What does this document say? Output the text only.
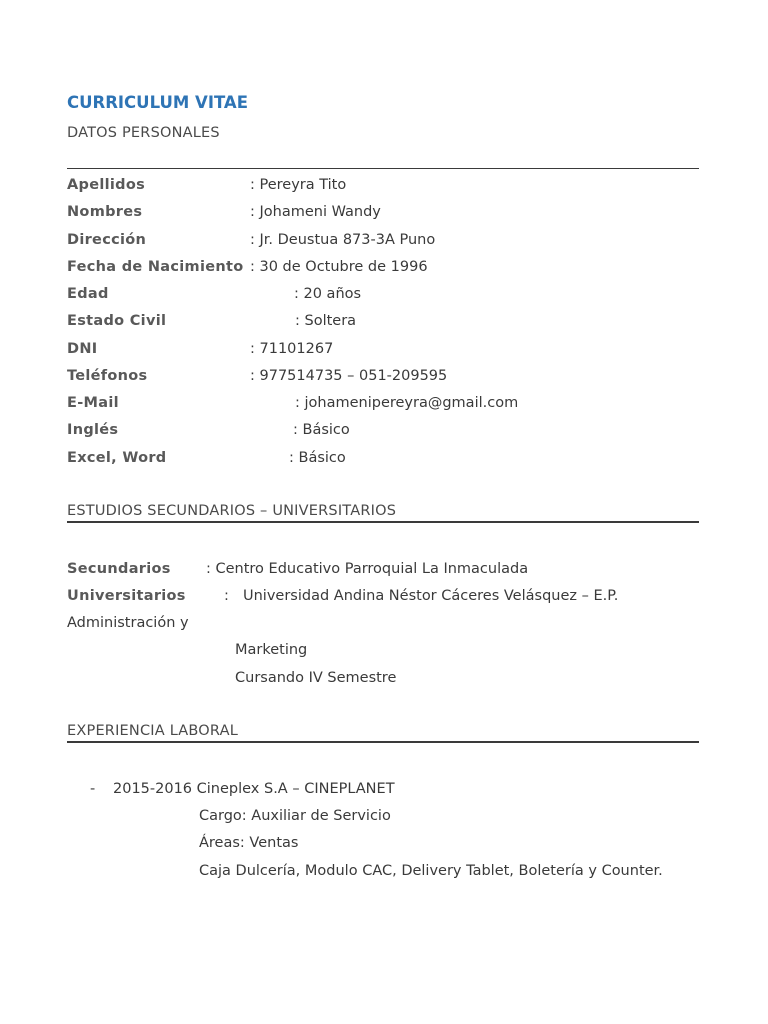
CURRICULUM VITAE
DATOS PERSONALES
Apellidos	: Pereyra Tito
Nombres	: Johameni Wandy
Dirección	: Jr. Deustua 873-3A Puno
Fecha de Nacimiento : 30 de Octubre de 1996
Edad	: 20 años
Estado Civil	: Soltera
DNI	: 71101267
Teléfonos	: 977514735 – 051-209595
E-Mail	: johamenipereyra@gmail.com
Inglés	: Básico
Excel, Word	: Básico
ESTUDIOS SECUNDARIOS – UNIVERSITARIOS
Secundarios : Centro Educativo Parroquial La Inmaculada
Universitarios	: Universidad Andina Néstor Cáceres Velásquez – E.P.
Administración y
Marketing
Cursando IV Semestre
EXPERIENCIA LABORAL
- 2015-2016 Cineplex S.A – CINEPLANET
Cargo: Auxiliar de Servicio
Áreas: Ventas
Caja Dulcería, Modulo CAC, Delivery Tablet, Boletería y Counter.
